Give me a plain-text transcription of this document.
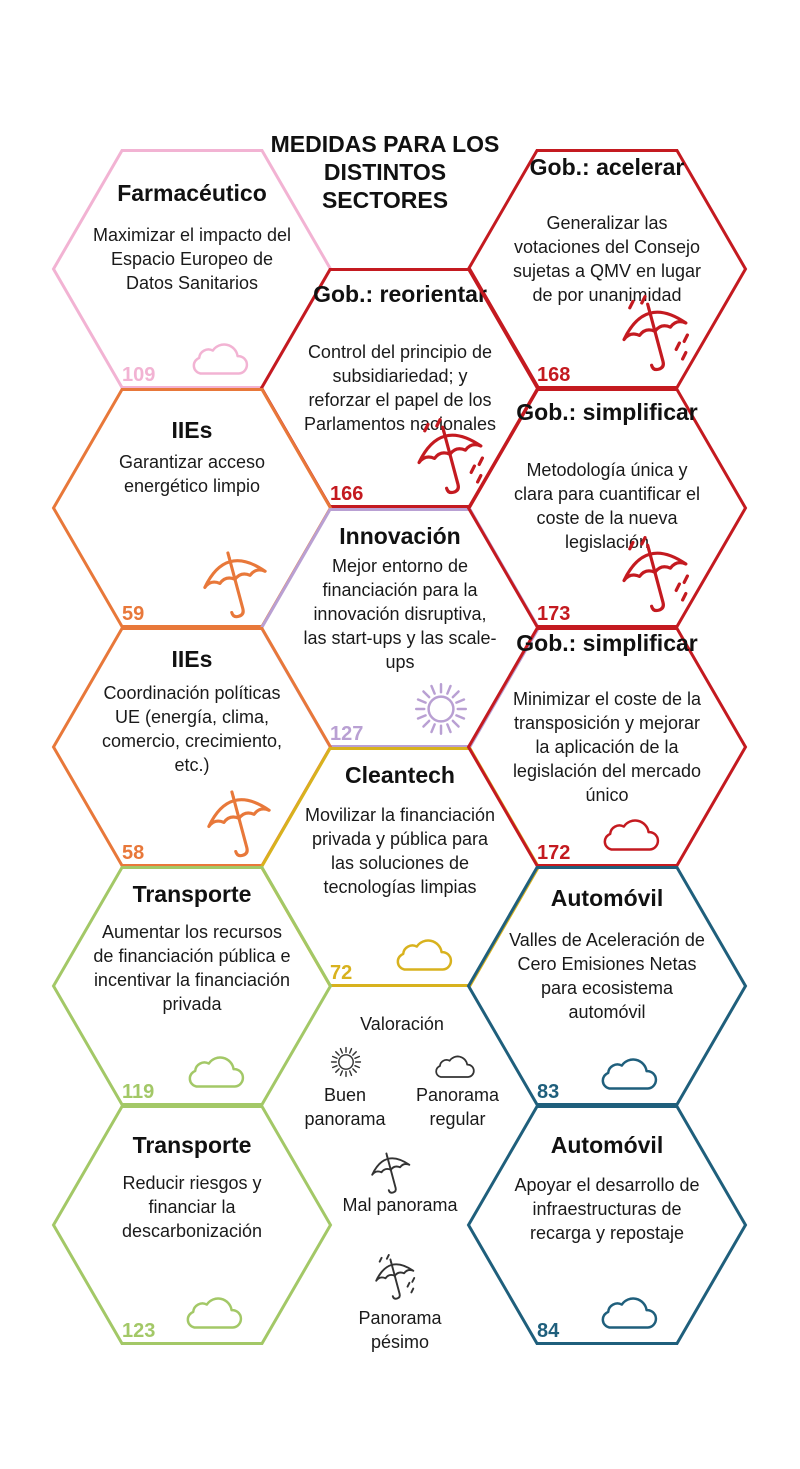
MEDIDAS PARA LOS DISTINTOS SECTORES
Farmacéutico
Maximizar el impacto del Espacio Europeo de Datos Sanitarios
109
Gob.: reorientar
Control del principio de subsidiariedad; y reforzar el papel de los Parlamentos nacionales
166
Gob.: acelerar
Generalizar las votaciones del Consejo sujetas a QMV en lugar de por unanimidad
168
IIEs
Garantizar acceso energético limpio
59
Innovación
Mejor entorno de financiación para la innovación disruptiva, las start-ups y las scale-ups
127
Gob.: simplificar
Metodología única y clara para cuantificar el coste de la nueva legislación
173
IIEs
Coordinación políticas UE (energía, clima, comercio, crecimiento, etc.)
58
Cleantech
Movilizar la financiación privada y pública para las soluciones de tecnologías limpias
72
Gob.: simplificar
Minimizar el coste de la transposición y mejorar la aplicación de la legislación del mercado único
172
Transporte
Aumentar los recursos de financiación pública e incentivar la financiación privada
119
Automóvil
Valles de Aceleración de Cero Emisiones Netas para ecosistema automóvil
83
Transporte
Reducir riesgos y financiar la descarbonización
123
Automóvil
Apoyar el desarrollo de infraestructuras de recarga y repostaje
84
Valoración
Buen panorama
Panorama regular
Mal panorama
Panorama pésimo
